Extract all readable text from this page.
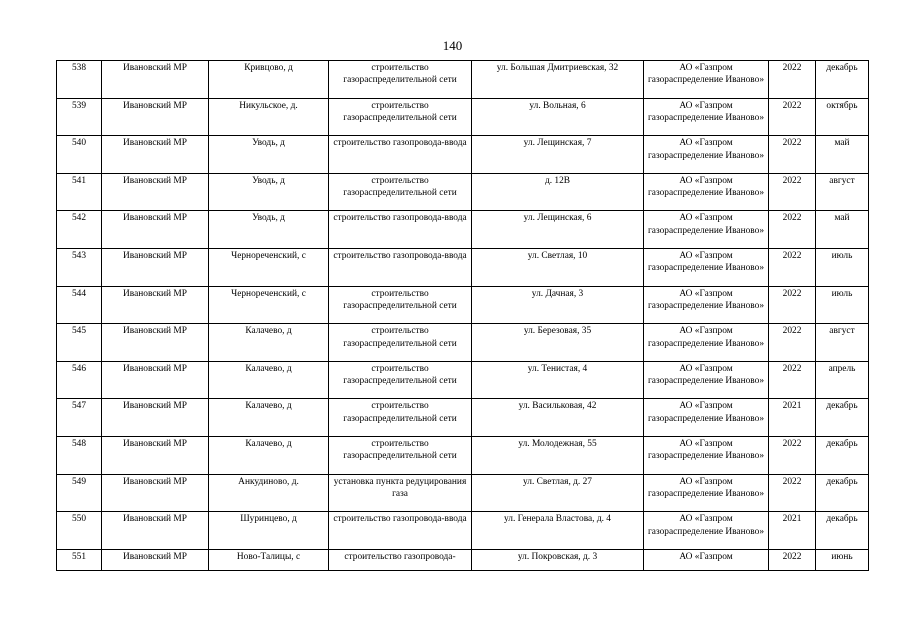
140
538	Ивановский МР	Кривцово, д	строительство газораспределительной сети	ул. Большая Дмитриевская, 32	АО «Газпром газораспределение Иваново»	2022	декабрь
539	Ивановский МР	Никульское, д.	строительство газораспределительной сети	ул. Вольная, 6	АО «Газпром газораспределение Иваново»	2022	октябрь
540	Ивановский МР	Уводь, д	строительство газопровода-ввода	ул. Лещинская, 7	АО «Газпром газораспределение Иваново»	2022	май
541	Ивановский МР	Уводь, д	строительство газораспределительной сети	д. 12В	АО «Газпром газораспределение Иваново»	2022	август
542	Ивановский МР	Уводь, д	строительство газопровода-ввода	ул. Лещинская, 6	АО «Газпром газораспределение Иваново»	2022	май
543	Ивановский МР	Чернореченский, с	строительство газопровода-ввода	ул. Светлая, 10	АО «Газпром газораспределение Иваново»	2022	июль
544	Ивановский МР	Чернореченский, с	строительство газораспределительной сети	ул. Дачная, 3	АО «Газпром газораспределение Иваново»	2022	июль
545	Ивановский МР	Калачево, д	строительство газораспределительной сети	ул. Березовая, 35	АО «Газпром газораспределение Иваново»	2022	август
546	Ивановский МР	Калачево, д	строительство газораспределительной сети	ул. Тенистая, 4	АО «Газпром газораспределение Иваново»	2022	апрель
547	Ивановский МР	Калачево, д	строительство газораспределительной сети	ул. Васильковая, 42	АО «Газпром газораспределение Иваново»	2021	декабрь
548	Ивановский МР	Калачево, д	строительство газораспределительной сети	ул. Молодежная, 55	АО «Газпром газораспределение Иваново»	2022	декабрь
549	Ивановский МР	Анкудиново, д.	установка пункта редуцирования газа	ул. Светлая, д. 27	АО «Газпром газораспределение Иваново»	2022	декабрь
550	Ивановский МР	Шуринцево, д	строительство газопровода-ввода	ул. Генерала Властова, д. 4	АО «Газпром газораспределение Иваново»	2021	декабрь
551	Ивановский МР	Ново-Талицы, с	строительство газопровода-	ул. Покровская, д. 3	АО «Газпром	2022	июнь
